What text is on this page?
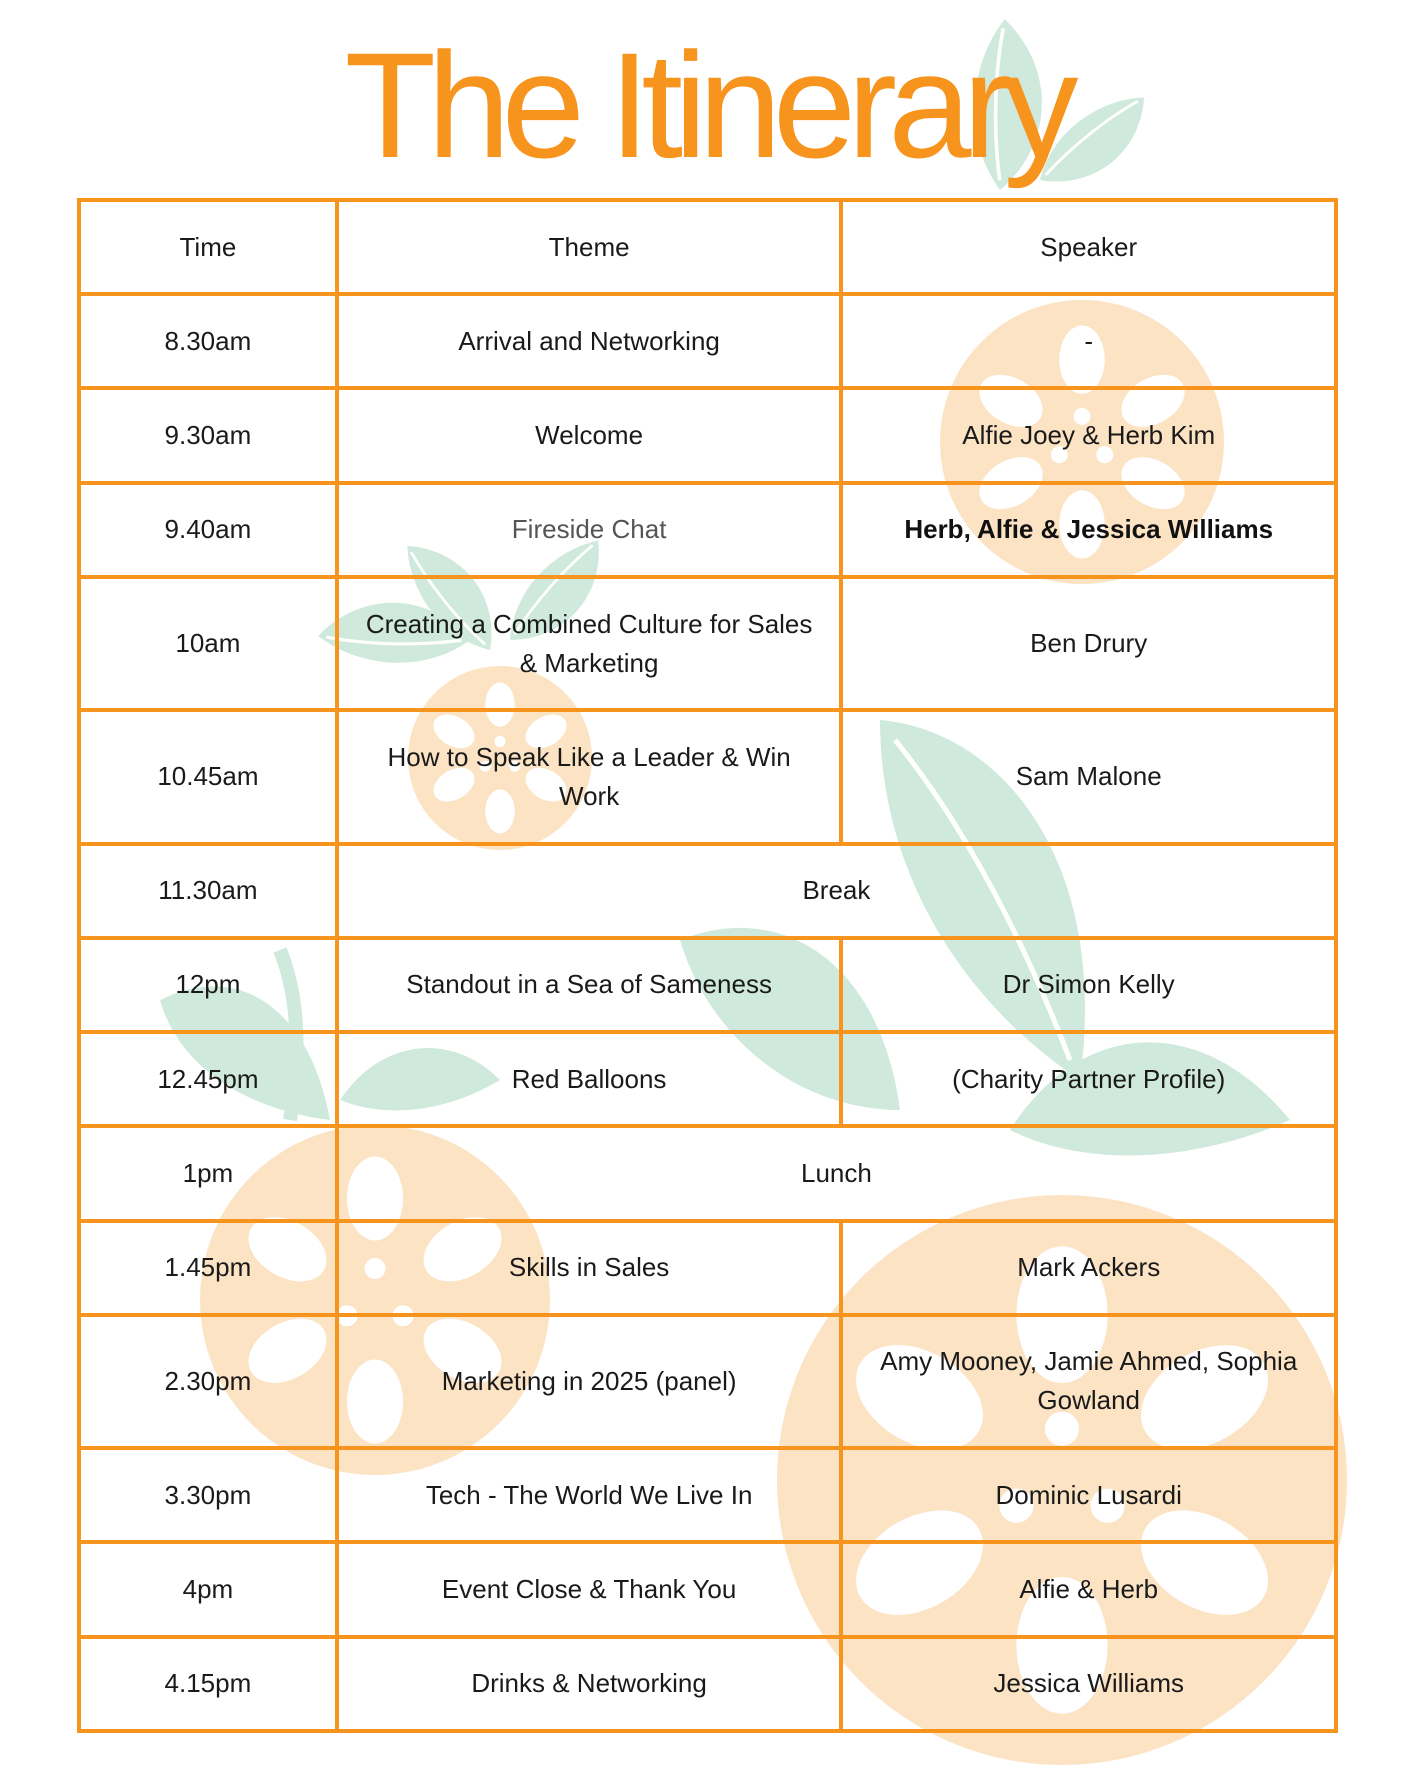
The Itinerary
Time	Theme	Speaker
8.30am	Arrival and Networking	-
9.30am	Welcome	Alfie Joey & Herb Kim
9.40am	Fireside Chat	Herb, Alfie & Jessica Williams
10am	Creating a Combined Culture for Sales & Marketing	Ben Drury
10.45am	How to Speak Like a Leader & Win Work	Sam Malone
11.30am	Break	
12pm	Standout in a Sea of Sameness	Dr Simon Kelly
12.45pm	Red Balloons	(Charity Partner Profile)
1pm	Lunch	
1.45pm	Skills in Sales	Mark Ackers
2.30pm	Marketing in 2025 (panel)	Amy Mooney, Jamie Ahmed, Sophia Gowland
3.30pm	Tech - The World We Live In	Dominic Lusardi
4pm	Event Close & Thank You	Alfie & Herb
4.15pm	Drinks & Networking	Jessica Williams
